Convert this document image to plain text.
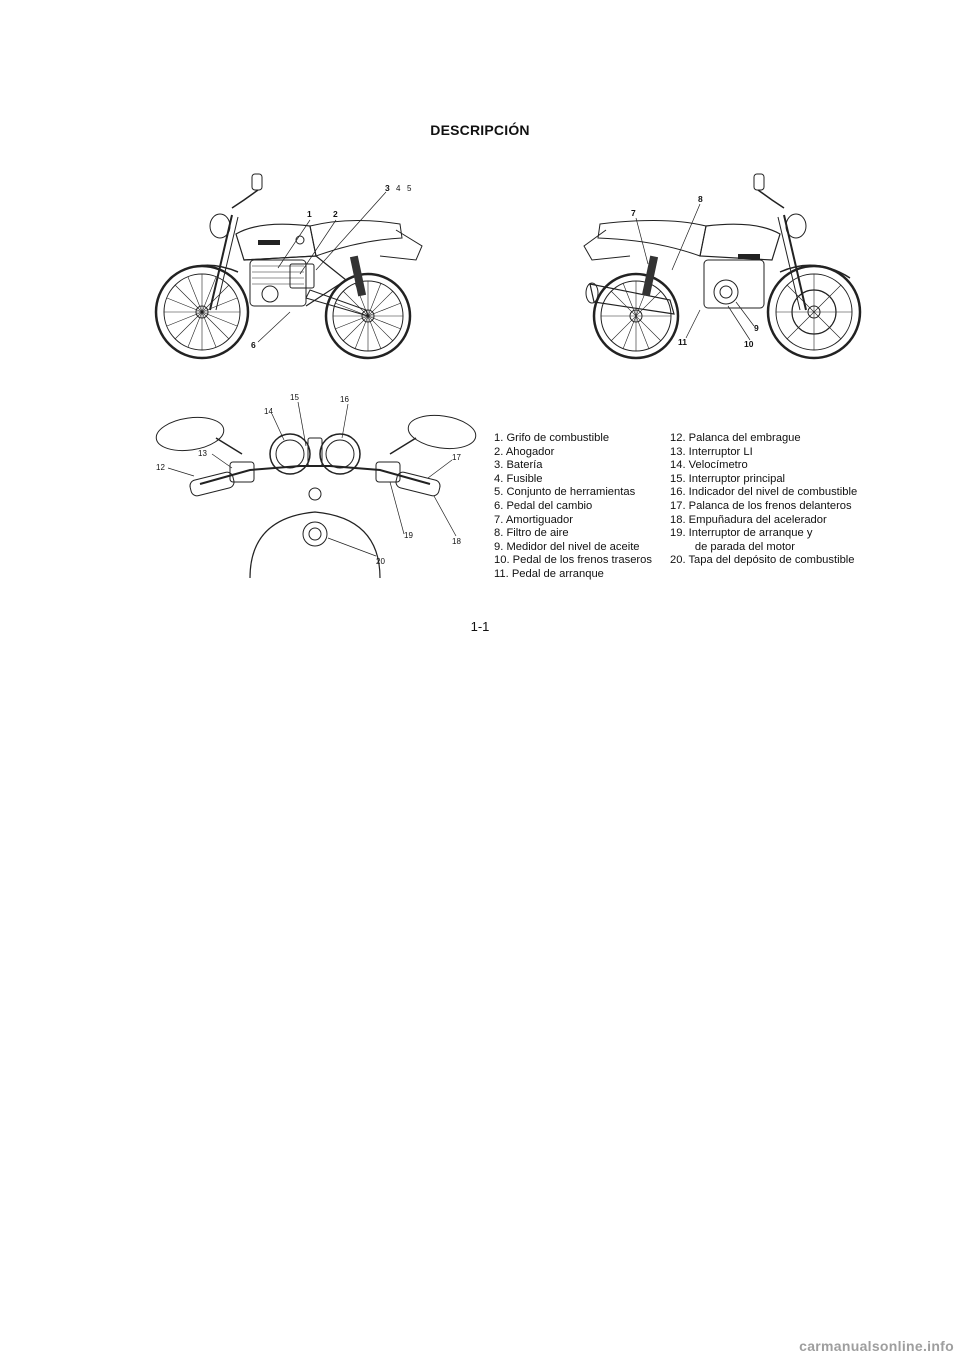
DESCRIPCIÓN
1	2
3 4 5
6
7
8
9
10
11
12
13
14
15	16
17
18
19
20
1. Grifo de combustible
2. Ahogador
3. Batería
4. Fusible
5. Conjunto de herramientas
6. Pedal del cambio
7. Amortiguador
8. Filtro de aire
9. Medidor del nivel de aceite
10. Pedal de los frenos traseros
11. Pedal de arranque
12. Palanca del embrague
13. Interruptor LI
14. Velocímetro
15. Interruptor principal
16. Indicador del nivel de combustible
17. Palanca de los frenos delanteros
18. Empuñadura del acelerador
19. Interruptor de arranque y
de parada del motor
20. Tapa del depósito de combustible
1-1
carmanualsonline.info
